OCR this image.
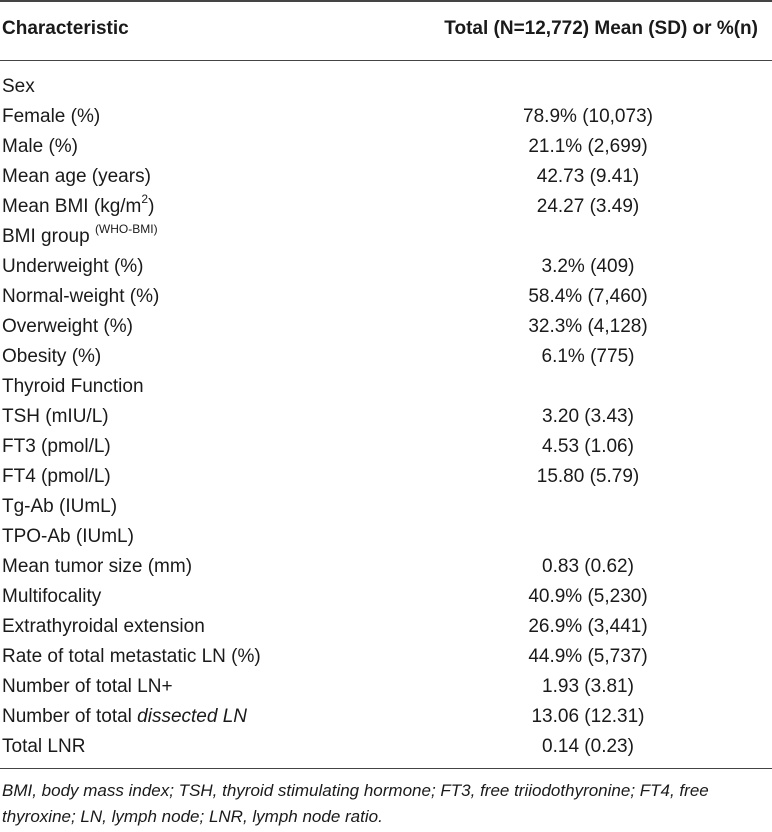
Characteristic	Total (N=12,772) Mean (SD) or %(n)
Sex
Female (%)	78.9% (10,073)
Male (%)	21.1% (2,699)
Mean age (years)	42.73 (9.41)
Mean BMI $(kg/m^2)$	24.27 (3.49)
BMI group $^{(WHO-BMI)}$
Underweight (%)	3.2% (409)
Normal-weight (%)	58.4% (7,460)
Overweight (%)	32.3% (4,128)
Obesity (%)	6.1% (775)
Thyroid Function
TSH (mIU/L)	3.20 (3.43)
FT3 (pmol/L)	4.53 (1.06)
FT4 (pmol/L)	15.80 (5.79)
Tg-Ab (IUmL)
TPO-Ab (IUmL)
Mean tumor size (mm)	0.83 (0.62)
Multifocality	40.9% (5,230)
Extrathyroidal extension	26.9% (3,441)
Rate of total metastatic LN (%)	44.9% (5,737)
Number of total LN+	1.93 (3.81)
Number of total dissected LN	13.06 (12.31)
Total LNR	0.14 (0.23)
BMI, body mass index; TSH, thyroid stimulating hormone; FT3, free triiodothyronine; FT4, free thyroxine; LN, lymph node; LNR, lymph node ratio.
